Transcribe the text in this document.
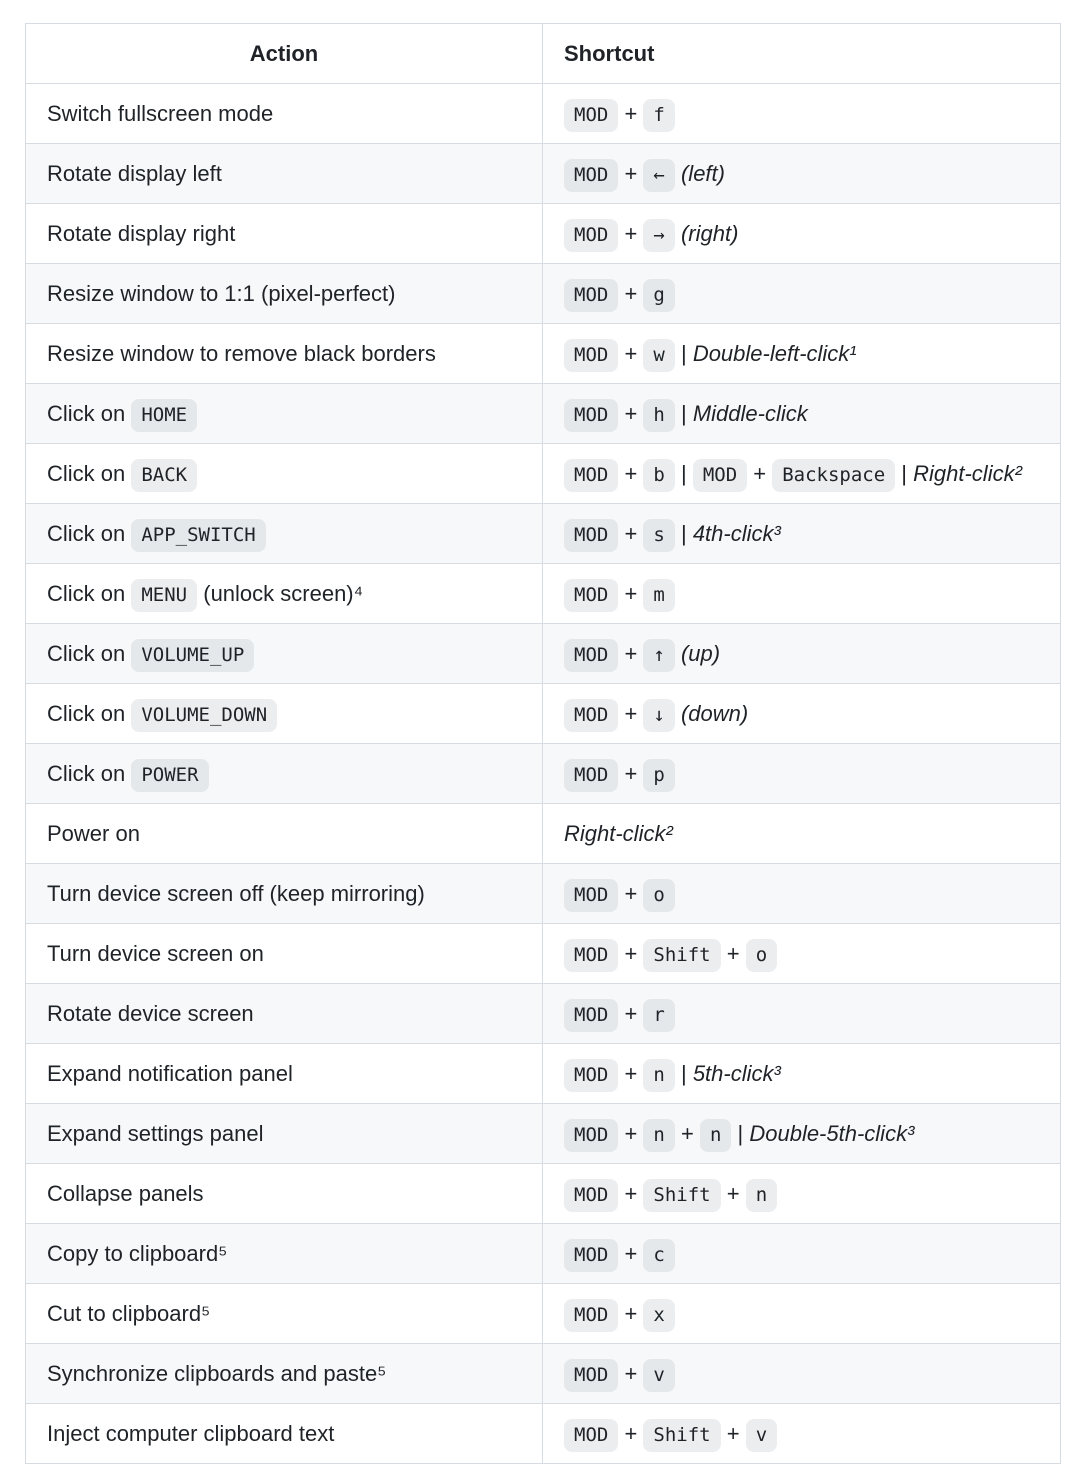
Action	Shortcut
Switch fullscreen mode	MOD + f
Rotate display left	MOD + ← (left)
Rotate display right	MOD + → (right)
Resize window to 1:1 (pixel-perfect)	MOD + g
Resize window to remove black borders	MOD + w | Double-left-click¹
Click on HOME	MOD + h | Middle-click
Click on BACK	MOD + b | MOD + Backspace | Right-click²
Click on APP_SWITCH	MOD + s | 4th-click³
Click on MENU (unlock screen)⁴	MOD + m
Click on VOLUME_UP	MOD + ↑ (up)
Click on VOLUME_DOWN	MOD + ↓ (down)
Click on POWER	MOD + p
Power on	Right-click²
Turn device screen off (keep mirroring)	MOD + o
Turn device screen on	MOD + Shift + o
Rotate device screen	MOD + r
Expand notification panel	MOD + n | 5th-click³
Expand settings panel	MOD + n + n | Double-5th-click³
Collapse panels	MOD + Shift + n
Copy to clipboard⁵	MOD + c
Cut to clipboard⁵	MOD + x
Synchronize clipboards and paste⁵	MOD + v
Inject computer clipboard text	MOD + Shift + v
